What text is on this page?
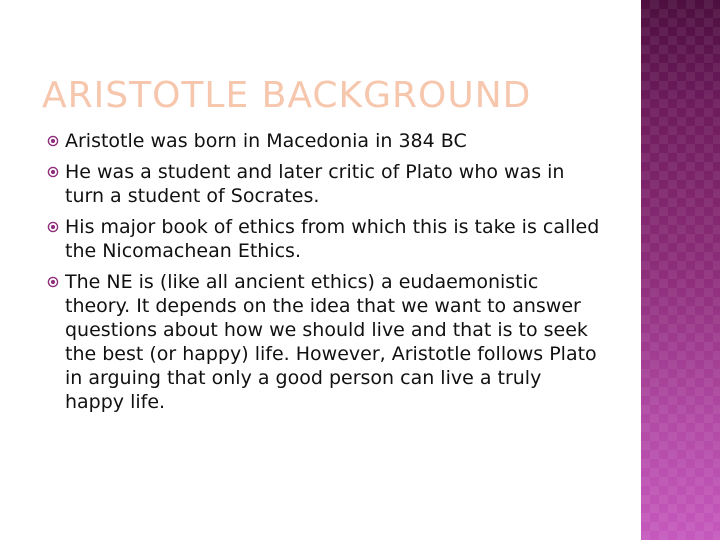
ARISTOTLE BACKGROUND
Aristotle was born in Macedonia in 384 BC
He was a student and later critic of Plato who was in turn a student of Socrates.
His major book of ethics from which this is take is called the Nicomachean Ethics.
The NE is (like all ancient ethics) a eudaemonistic theory. It depends on the idea that we want to answer questions about how we should live and that is to seek the best (or happy) life. However, Aristotle follows Plato in arguing that only a good person can live a truly happy life.
